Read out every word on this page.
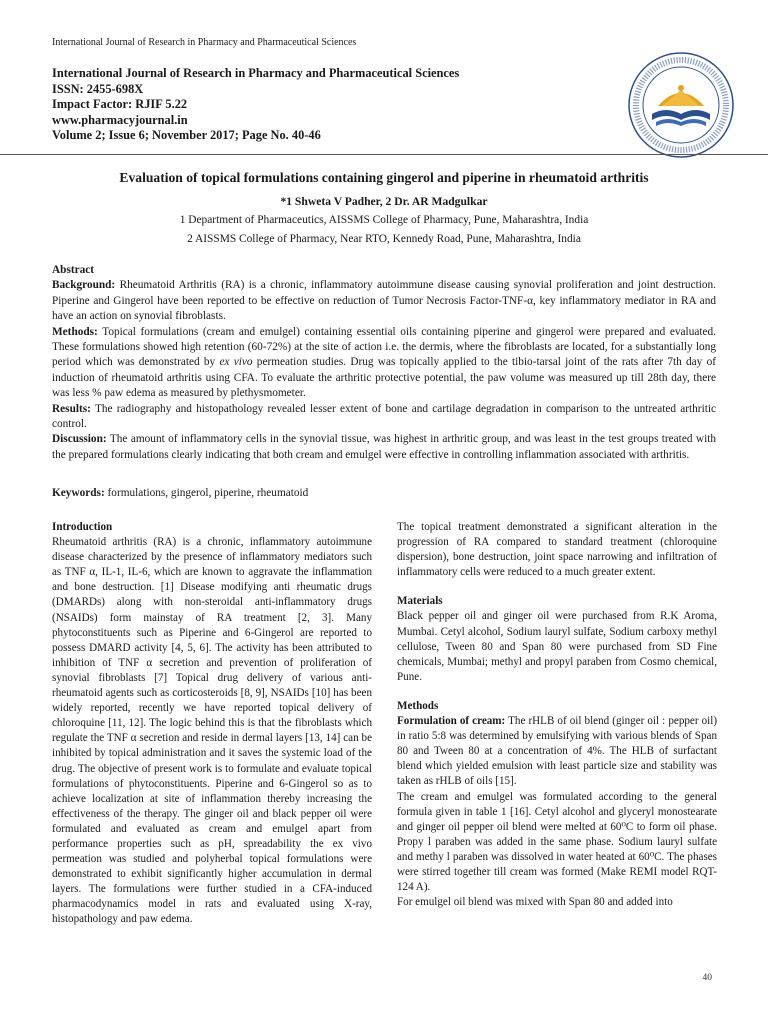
International Journal of Research in Pharmacy and Pharmaceutical Sciences
International Journal of Research in Pharmacy and Pharmaceutical Sciences
ISSN: 2455-698X
Impact Factor: RJIF 5.22
www.pharmacyjournal.in
Volume 2; Issue 6; November 2017; Page No. 40-46
Evaluation of topical formulations containing gingerol and piperine in rheumatoid arthritis
*1 Shweta V Padher, 2 Dr. AR Madgulkar
1 Department of Pharmaceutics, AISSMS College of Pharmacy, Pune, Maharashtra, India
2 AISSMS College of Pharmacy, Near RTO, Kennedy Road, Pune, Maharashtra, India

Abstract

Background: Rheumatoid Arthritis (RA) is a chronic, inflammatory autoimmune disease causing synovial proliferation and joint destruction. Piperine and Gingerol have been reported to be effective on reduction of Tumor Necrosis Factor-TNF-α, key inflammatory mediator in RA and have an action on synovial fibroblasts.

Methods: Topical formulations (cream and emulgel) containing essential oils containing piperine and gingerol were prepared and evaluated. These formulations showed high retention (60-72%) at the site of action i.e. the dermis, where the fibroblasts are located, for a substantially long period which was demonstrated by ex vivo permeation studies. Drug was topically applied to the tibio-tarsal joint of the rats after 7th day of induction of rheumatoid arthritis using CFA. To evaluate the arthritic protective potential, the paw volume was measured up till 28th day, there was less % paw edema as measured by plethysmometer.

Results: The radiography and histopathology revealed lesser extent of bone and cartilage degradation in comparison to the untreated arthritic control.

Discussion: The amount of inflammatory cells in the synovial tissue, was highest in arthritic group, and was least in the test groups treated with the prepared formulations clearly indicating that both cream and emulgel were effective in controlling inflammation associated with arthritis.

Keywords: formulations, gingerol, piperine, rheumatoid

Introduction

Rheumatoid arthritis (RA) is a chronic, inflammatory autoimmune disease characterized by the presence of inflammatory mediators such as TNF α, IL-1, IL-6, which are known to aggravate the inflammation and bone destruction. [1] Disease modifying anti rheumatic drugs (DMARDs) along with non-steroidal anti-inflammatory drugs (NSAIDs) form mainstay of RA treatment [2, 3]. Many phytoconstituents such as Piperine and 6-Gingerol are reported to possess DMARD activity [4, 5, 6]. The activity has been attributed to inhibition of TNF α secretion and prevention of proliferation of synovial fibroblasts [7] Topical drug delivery of various anti-rheumatoid agents such as corticosteroids [8, 9], NSAIDs [10] has been widely reported, recently we have reported topical delivery of chloroquine [11, 12]. The logic behind this is that the fibroblasts which regulate the TNF α secretion and reside in dermal layers [13, 14] can be inhibited by topical administration and it saves the systemic load of the drug. The objective of present work is to formulate and evaluate topical formulations of phytoconstituents. Piperine and 6-Gingerol so as to achieve localization at site of inflammation thereby increasing the effectiveness of the therapy. The ginger oil and black pepper oil were formulated and evaluated as cream and emulgel apart from performance properties such as pH, spreadability the ex vivo permeation was studied and polyherbal topical formulations were demonstrated to exhibit significantly higher accumulation in dermal layers. The formulations were further studied in a CFA-induced pharmacodynamics model in rats and evaluated using X-ray, histopathology and paw edema.

The topical treatment demonstrated a significant alteration in the progression of RA compared to standard treatment (chloroquine dispersion), bone destruction, joint space narrowing and infiltration of inflammatory cells were reduced to a much greater extent.

Materials

Black pepper oil and ginger oil were purchased from R.K Aroma, Mumbai. Cetyl alcohol, Sodium lauryl sulfate, Sodium carboxy methyl cellulose, Tween 80 and Span 80 were purchased from SD Fine chemicals, Mumbai; methyl and propyl paraben from Cosmo chemical, Pune.

Methods

Formulation of cream: The rHLB of oil blend (ginger oil : pepper oil) in ratio 5:8 was determined by emulsifying with various blends of Span 80 and Tween 80 at a concentration of 4%. The HLB of surfactant blend which yielded emulsion with least particle size and stability was taken as rHLB of oils [15].

The cream and emulgel was formulated according to the general formula given in table 1 [16]. Cetyl alcohol and glyceryl monostearate and ginger oil pepper oil blend were melted at 60⁰C to form oil phase. Propy l paraben was added in the same phase. Sodium lauryl sulfate and methy l paraben was dissolved in water heated at 60⁰C. The phases were stirred together till cream was formed (Make REMI model RQT-124 A).

For emulgel oil blend was mixed with Span 80 and added into

40
